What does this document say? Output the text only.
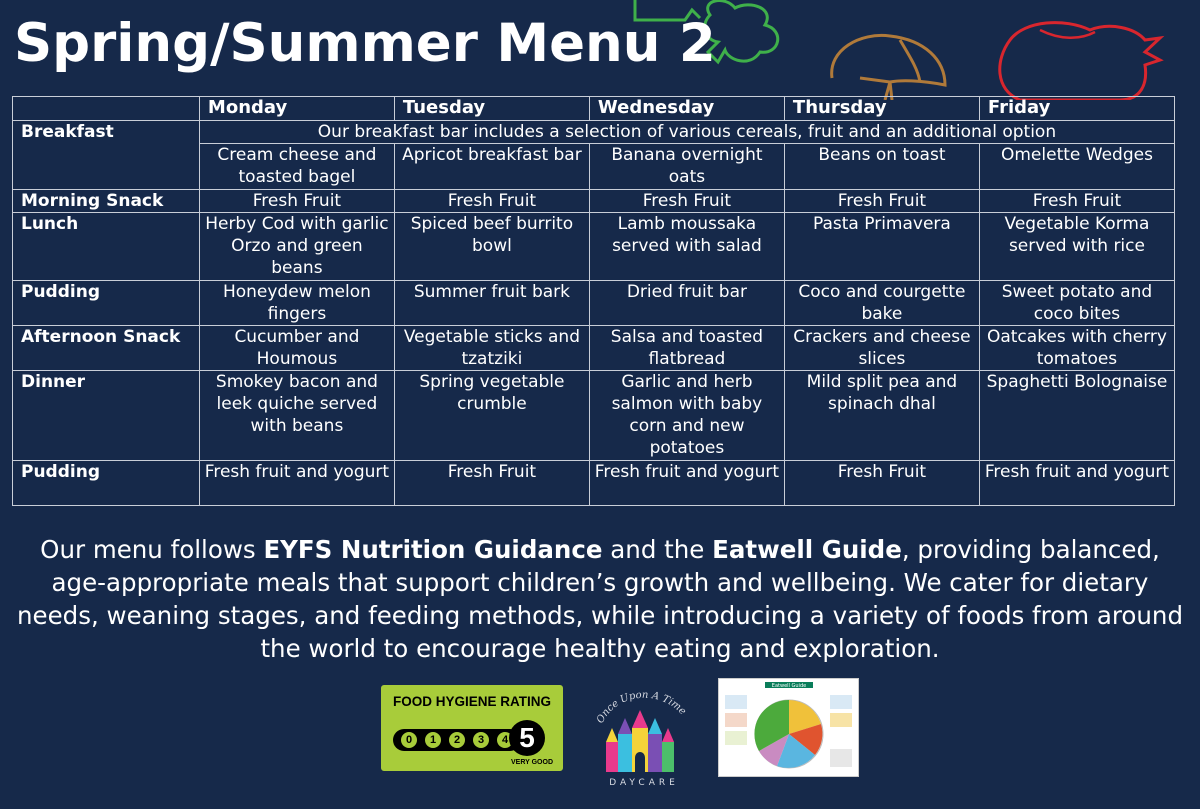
Spring/Summer Menu 2
	Monday	Tuesday	Wednesday	Thursday	Friday
Breakfast	Our breakfast bar includes a selection of various cereals, fruit and an additional option				
	Cream cheese and toasted bagel	Apricot breakfast bar	Banana overnight oats	Beans on toast	Omelette Wedges
Morning Snack	Fresh Fruit	Fresh Fruit	Fresh Fruit	Fresh Fruit	Fresh Fruit
Lunch	Herby Cod with garlic Orzo and green beans	Spiced beef burrito bowl	Lamb moussaka served with salad	Pasta Primavera	Vegetable Korma served with rice
Pudding	Honeydew melon fingers	Summer fruit bark	Dried fruit bar	Coco and courgette bake	Sweet potato and coco bites
Afternoon Snack	Cucumber and Houmous	Vegetable sticks and tzatziki	Salsa and toasted flatbread	Crackers and cheese slices	Oatcakes with cherry tomatoes
Dinner	Smokey bacon and leek quiche served with beans	Spring vegetable crumble	Garlic and herb salmon with baby corn and new potatoes	Mild split pea and spinach dhal	Spaghetti Bolognaise
Pudding	Fresh fruit and yogurt	Fresh Fruit	Fresh fruit and yogurt	Fresh Fruit	Fresh fruit and yogurt
Our menu follows EYFS Nutrition Guidance and the Eatwell Guide, providing balanced, age-appropriate meals that support children’s growth and wellbeing. We cater for dietary needs, weaning stages, and feeding methods, while introducing a variety of foods from around the world to encourage healthy eating and exploration.
FOOD HYGIENE RATING
0	1	2	3	4 5
VERY GOOD
Once Upon A Time
DAYCARE
Eatwell Guide
